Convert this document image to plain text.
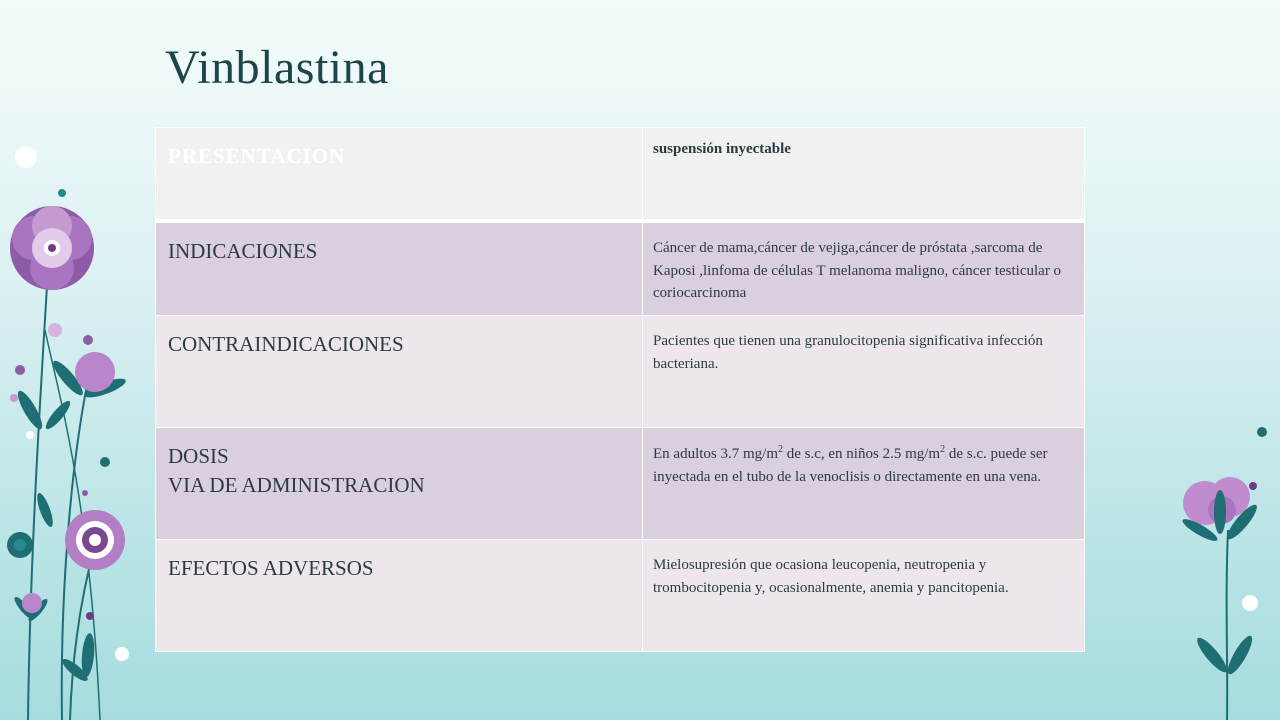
Vinblastina
PRESENTACION	suspensión inyectable

INDICACIONES	Cáncer de mama,cáncer de vejiga,cáncer de próstata ,sarcoma de Kaposi ,linfoma de células T melanoma maligno, cáncer testicular o coriocarcinoma

CONTRAINDICACIONES	Pacientes que tienen una granulocitopenia significativa infección bacteriana.

DOSIS
VIA DE ADMINISTRACION	En adultos 3.7 $mg/m^2$ de s.c, en niños 2.5 $mg/m^2$ de s.c. puede ser inyectada en el tubo de la venoclisis o directamente en una vena.

EFECTOS ADVERSOS	Mielosupresión que ocasiona leucopenia, neutropenia y trombocitopenia y, ocasionalmente, anemia y pancitopenia.
